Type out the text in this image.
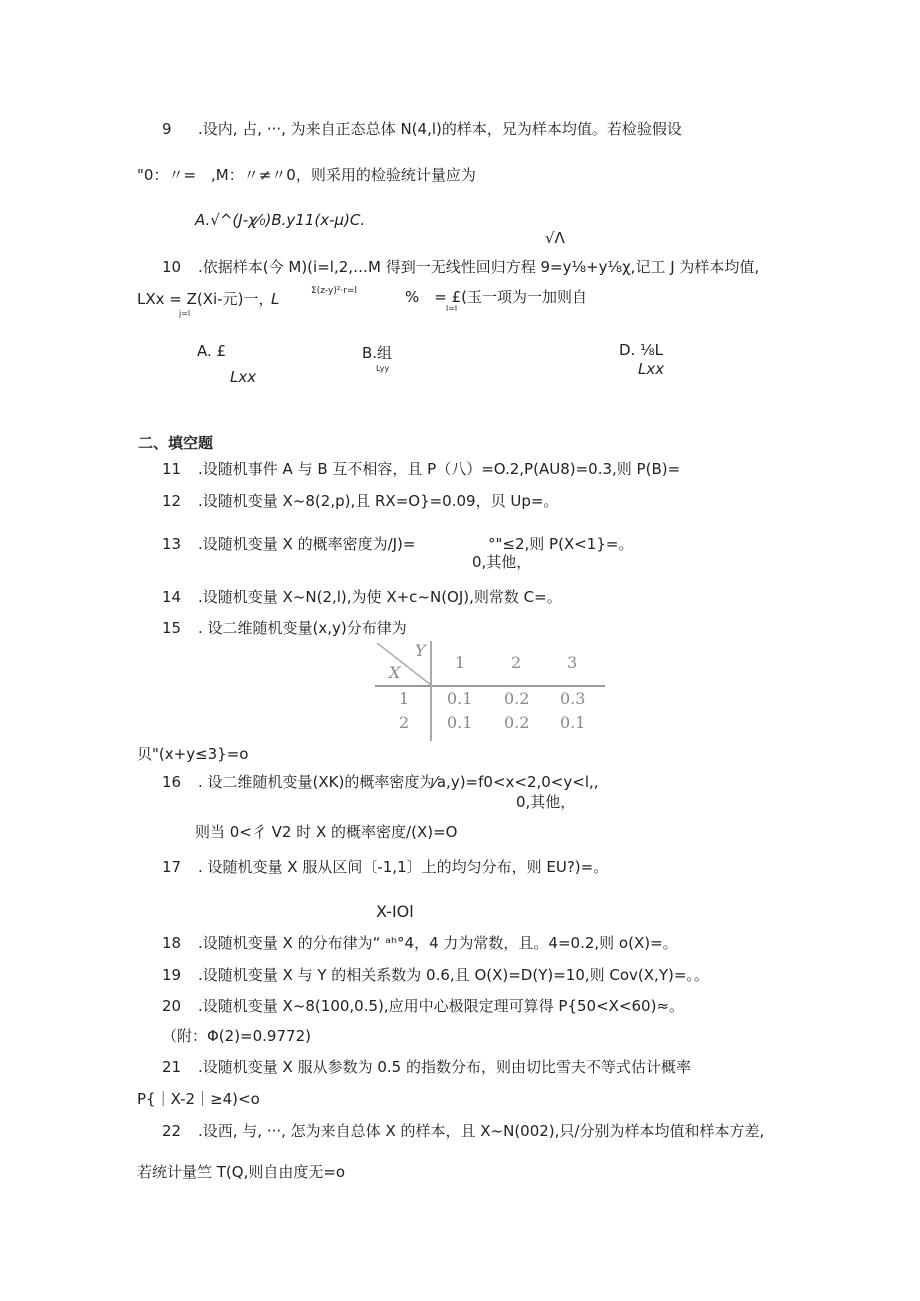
9 .设内, 占, ···, 为来自正态总体 N(4,l)的样本，兄为样本均值。若检验假设
"0：〃=　,M：〃≠〃0，则采用的检验统计量应为
A.√^(J-χ⁄₀)B.y11(x-μ)C.
√Λ
10 .依据样本(今 M)(i=l,2,…M 得到一无线性回归方程 9=y⅛+y⅛χ,记工 J 为样本均值,
LXx = Z(Xi-元)一，
L	Σ(z-y)²·r=l	%　= £(玉一项为一加则自
j=l
l=l
A. £
Lxx
B.组
Lyy
D. ⅛L
Lxx
二、填空题
11 .设随机事件 A 与 B 互不相容，且 P（八）=O.2,P(AU8)=0.3,则 P(B)=
12 .设随机变量 X~8(2,p),且 RX=O}=0.09，贝 Up=。
13 .设随机变量 X 的概率密度为/J)=	°"≤2,则 P(X<1}=。
0,其他，
14 .设随机变量 X~N(2,l),为使 X+c~N(OJ),则常数 C=。
15 . 设二维随机变量(x,y)分布律为
Y
X
1	2	3
1 0.1 0.2 0.3
2 0.1 0.2 0.1
贝"(x+y≤3}=o
16 . 设二维随机变量(XK)的概率密度为⁄a,y)=f0<x<2,0<y<l,,
0,其他，
则当 0<彳 V2 时 X 的概率密度/(X)=O
17 . 设随机变量 X 服从区间〔-1,1〕上的均匀分布，则 EU?)=。
X-IOl
18 .设随机变量 X 的分布律为“ ᵃʰ°4，4 力为常数，且。4=0.2,则 o(X)=。
19 .设随机变量 X 与 Y 的相关系数为 0.6,且 O(X)=D(Y)=10,则 Cov(X,Y)=。。
20 .设随机变量 X~8(100,0.5),应用中心极限定理可算得 P{50<X<60)≈。
（附：Φ(2)=0.9772)
21 .设随机变量 X 服从参数为 0.5 的指数分布，则由切比雪夫不等式估计概率
P{｜X-2｜≥4)<o
22 .设西, 与, ···, 怎为来自总体 X 的样本，且 X~N(002),只/分别为样本均值和样本方差,
若统计量竺 T(Q,则自由度无=o
